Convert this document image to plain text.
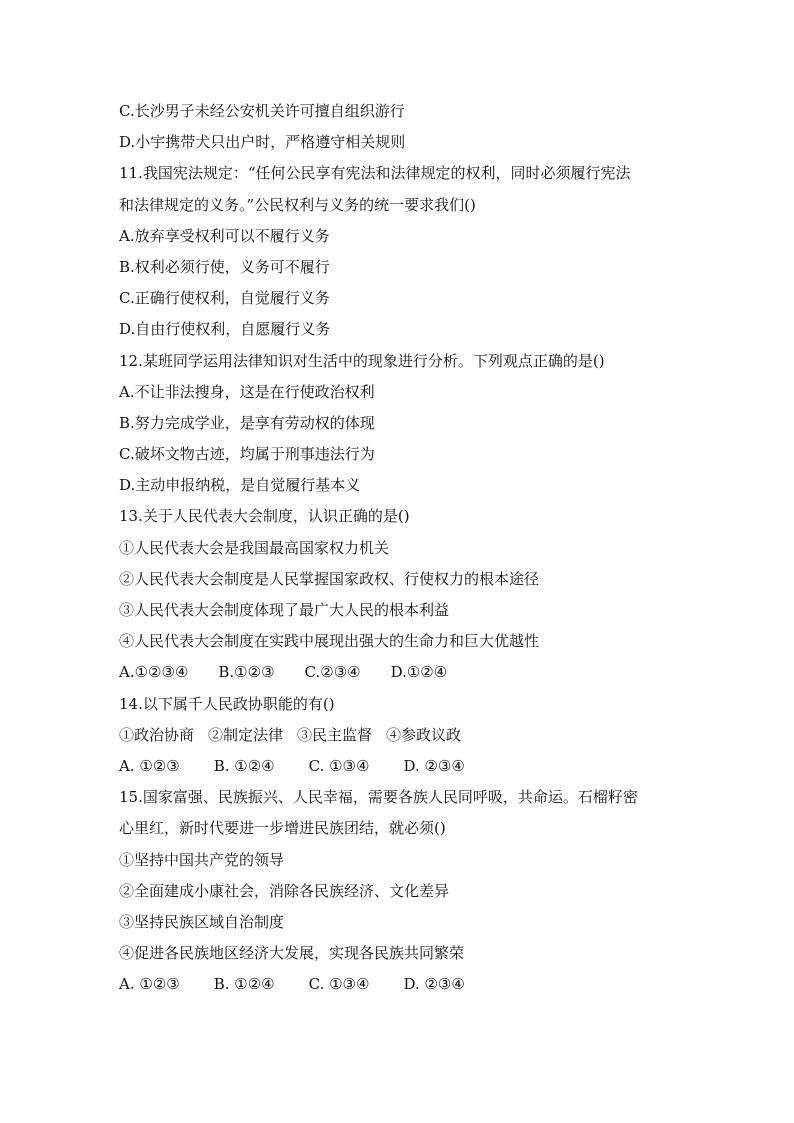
C.长沙男子未经公安机关许可擅自组织游行
D.小宇携带犬只出户时，严格遵守相关规则
11.我国宪法规定：“任何公民享有宪法和法律规定的权利，同时必须履行宪法
和法律规定的义务。”公民权利与义务的统一要求我们()
A.放弃享受权利可以不履行义务
B.权利必须行使，义务可不履行
C.正确行使权利，自觉履行义务
D.自由行使权利，自愿履行义务
12.某班同学运用法律知识对生活中的现象进行分析。下列观点正确的是()
A.不让非法搜身，这是在行使政治权利
B.努力完成学业，是享有劳动权的体现
C.破坏文物古迹，均属于刑事违法行为
D.主动申报纳税，是自觉履行基本义
13.关于人民代表大会制度，认识正确的是()
①人民代表大会是我国最高国家权力机关
②人民代表大会制度是人民掌握国家政权、行使权力的根本途径
③人民代表大会制度体现了最广大人民的根本利益
④人民代表大会制度在实践中展现出强大的生命力和巨大优越性
A.①②③④ B.①②③ C.②③④ D.①②④
14.以下属千人民政协职能的有()
①政治协商 ②制定法律 ③民主监督 ④参政议政
A. ①②③ B. ①②④ C. ①③④ D. ②③④
15.国家富强、民族振兴、人民幸福，需要各族人民同呼吸，共命运。石榴籽密
心里红，新时代要进一步增进民族团结，就必须()
①坚持中国共产党的领导
②全面建成小康社会，消除各民族经济、文化差异
③坚持民族区域自治制度
④促进各民族地区经济大发展，实现各民族共同繁荣
A. ①②③ B. ①②④ C. ①③④ D. ②③④
